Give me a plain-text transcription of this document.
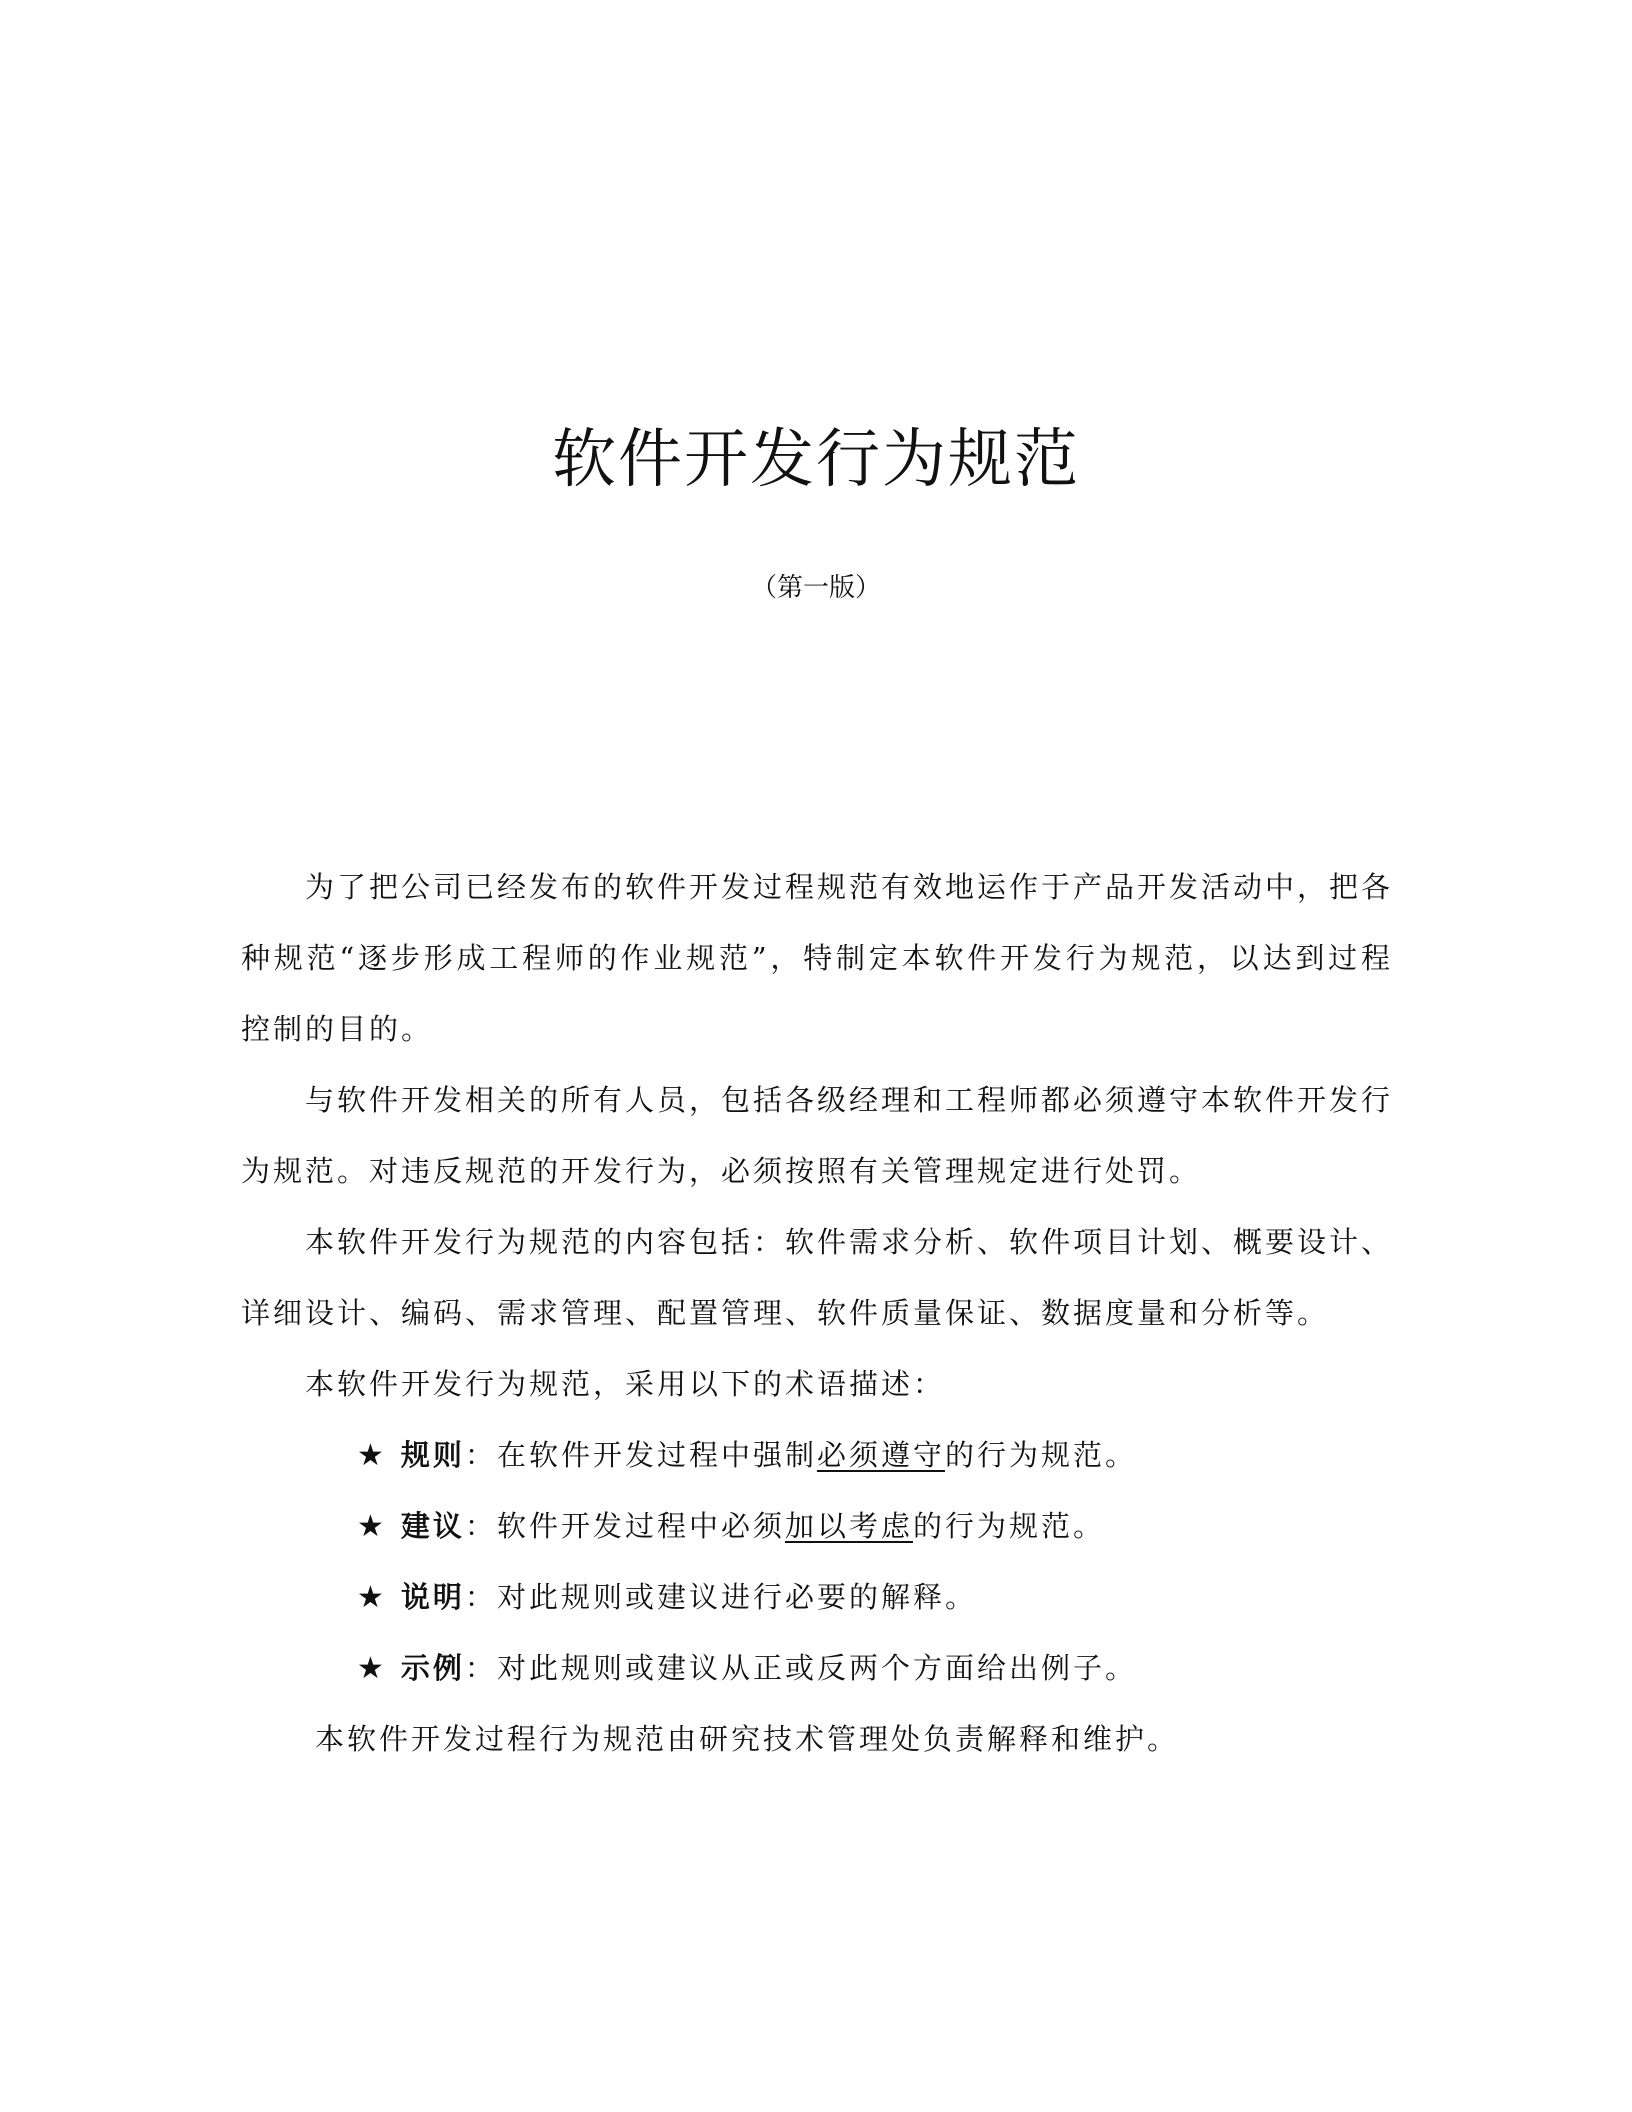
软件开发行为规范
（第一版）

为了把公司已经发布的软件开发过程规范有效地运作于产品开发活动中，把各种规范“逐步形成工程师的作业规范”，特制定本软件开发行为规范，以达到过程控制的目的。

与软件开发相关的所有人员，包括各级经理和工程师都必须遵守本软件开发行为规范。对违反规范的开发行为，必须按照有关管理规定进行处罚。

本软件开发行为规范的内容包括：软件需求分析、软件项目计划、概要设计、详细设计、编码、需求管理、配置管理、软件质量保证、数据度量和分析等。

本软件开发行为规范，采用以下的术语描述：

★ 规则：在软件开发过程中强制必须遵守的行为规范。
★ 建议：软件开发过程中必须加以考虑的行为规范。
★ 说明：对此规则或建议进行必要的解释。
★ 示例：对此规则或建议从正或反两个方面给出例子。

本软件开发过程行为规范由研究技术管理处负责解释和维护。
